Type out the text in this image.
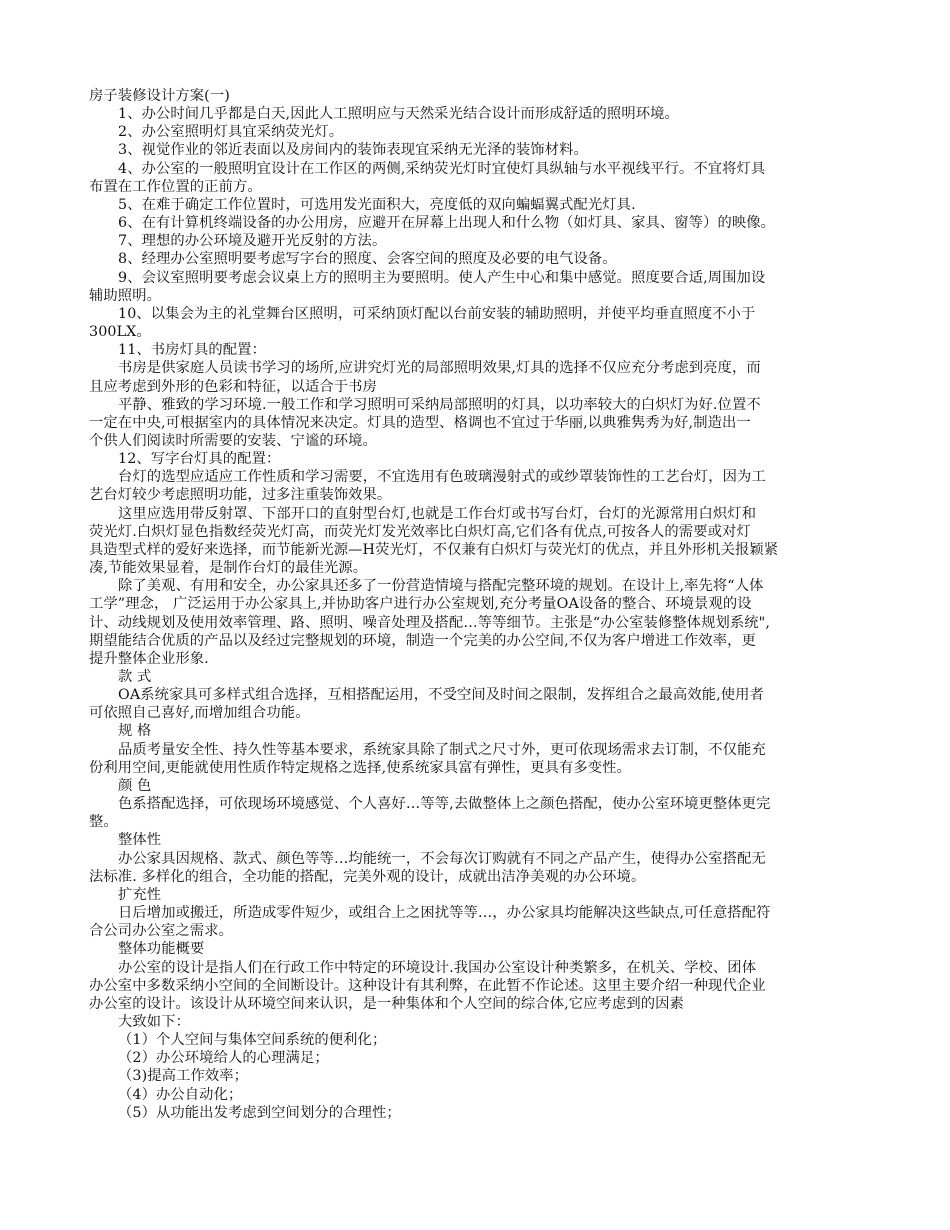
房子装修设计方案(一)
1、办公时间几乎都是白天,因此人工照明应与天然采光结合设计而形成舒适的照明环境。
2、办公室照明灯具宜采纳荧光灯。
3、视觉作业的邻近表面以及房间内的装饰表现宜采纳无光泽的装饰材料。
4、办公室的一般照明宜设计在工作区的两侧,采纳荧光灯时宜使灯具纵轴与水平视线平行。不宜将灯具
布置在工作位置的正前方。
5、在难于确定工作位置时，可选用发光面积大，亮度低的双向蝙蝠翼式配光灯具.
6、在有计算机终端设备的办公用房，应避开在屏幕上出现人和什么物（如灯具、家具、窗等）的映像。
7、理想的办公环境及避开光反射的方法。
8、经理办公室照明要考虑写字台的照度、会客空间的照度及必要的电气设备。
9、会议室照明要考虑会议桌上方的照明主为要照明。使人产生中心和集中感觉。照度要合适,周围加设
辅助照明。
10、以集会为主的礼堂舞台区照明，可采纳顶灯配以台前安装的辅助照明，并使平均垂直照度不小于
300LX。
11、书房灯具的配置：
书房是供家庭人员读书学习的场所,应讲究灯光的局部照明效果,灯具的选择不仅应充分考虑到亮度，而
且应考虑到外形的色彩和特征，以适合于书房
平静、雅致的学习环境.一般工作和学习照明可采纳局部照明的灯具，以功率较大的白炽灯为好.位置不
一定在中央,可根据室内的具体情况来决定。灯具的造型、格调也不宜过于华丽,以典雅隽秀为好,制造出一
个供人们阅读时所需要的安装、宁谧的环境。
12、写字台灯具的配置：
台灯的选型应适应工作性质和学习需要，不宜选用有色玻璃漫射式的或纱罩装饰性的工艺台灯，因为工
艺台灯较少考虑照明功能，过多注重装饰效果。
这里应选用带反射罩、下部开口的直射型台灯,也就是工作台灯或书写台灯，台灯的光源常用白炽灯和
荧光灯.白炽灯显色指数经荧光灯高，而荧光灯发光效率比白炽灯高,它们各有优点,可按各人的需要或对灯
具造型式样的爱好来选择，而节能新光源—H荧光灯，不仅兼有白炽灯与荧光灯的优点，并且外形机关报颖紧
凑,节能效果显着，是制作台灯的最佳光源。
除了美观、有用和安全，办公家具还多了一份营造情境与搭配完整环境的规划。在设计上,率先将“人体
工学”理念， 广泛运用于办公家具上,并协助客户进行办公室规划,充分考量OA设备的整合、环境景观的设
计、动线规划及使用效率管理、路、照明、噪音处理及搭配…等等细节。主张是“办公室装修整体规划系统",
期望能结合优质的产品以及经过完整规划的环境，制造一个完美的办公空间,不仅为客户增进工作效率，更
提升整体企业形象.
款 式
OA系统家具可多样式组合选择，互相搭配运用，不受空间及时间之限制，发挥组合之最高效能,使用者
可依照自己喜好,而增加组合功能。
规 格
品质考量安全性、持久性等基本要求，系统家具除了制式之尺寸外，更可依现场需求去订制，不仅能充
份利用空间,更能就使用性质作特定规格之选择,使系统家具富有弹性，更具有多变性。
颜 色
色系搭配选择，可依现场环境感觉、个人喜好…等等,去做整体上之颜色搭配，使办公室环境更整体更完
整。
整体性
办公家具因规格、款式、颜色等等…均能统一，不会每次订购就有不同之产品产生，使得办公室搭配无
法标准. 多样化的组合，全功能的搭配，完美外观的设计，成就出洁净美观的办公环境。
扩充性
日后增加或搬迁，所造成零件短少，或组合上之困扰等等…，办公家具均能解决这些缺点,可任意搭配符
合公司办公室之需求。
整体功能概要
办公室的设计是指人们在行政工作中特定的环境设计.我国办公室设计种类繁多，在机关、学校、团体
办公室中多数采纳小空间的全间断设计。这种设计有其利弊，在此暂不作论述。这里主要介绍一种现代企业
办公室的设计。该设计从环境空间来认识，是一种集体和个人空间的综合体,它应考虑到的因素
大致如下：
（1）个人空间与集体空间系统的便利化；
（2）办公环境给人的心理满足；
（3)提高工作效率；
（4）办公自动化；
（5）从功能出发考虑到空间划分的合理性；
